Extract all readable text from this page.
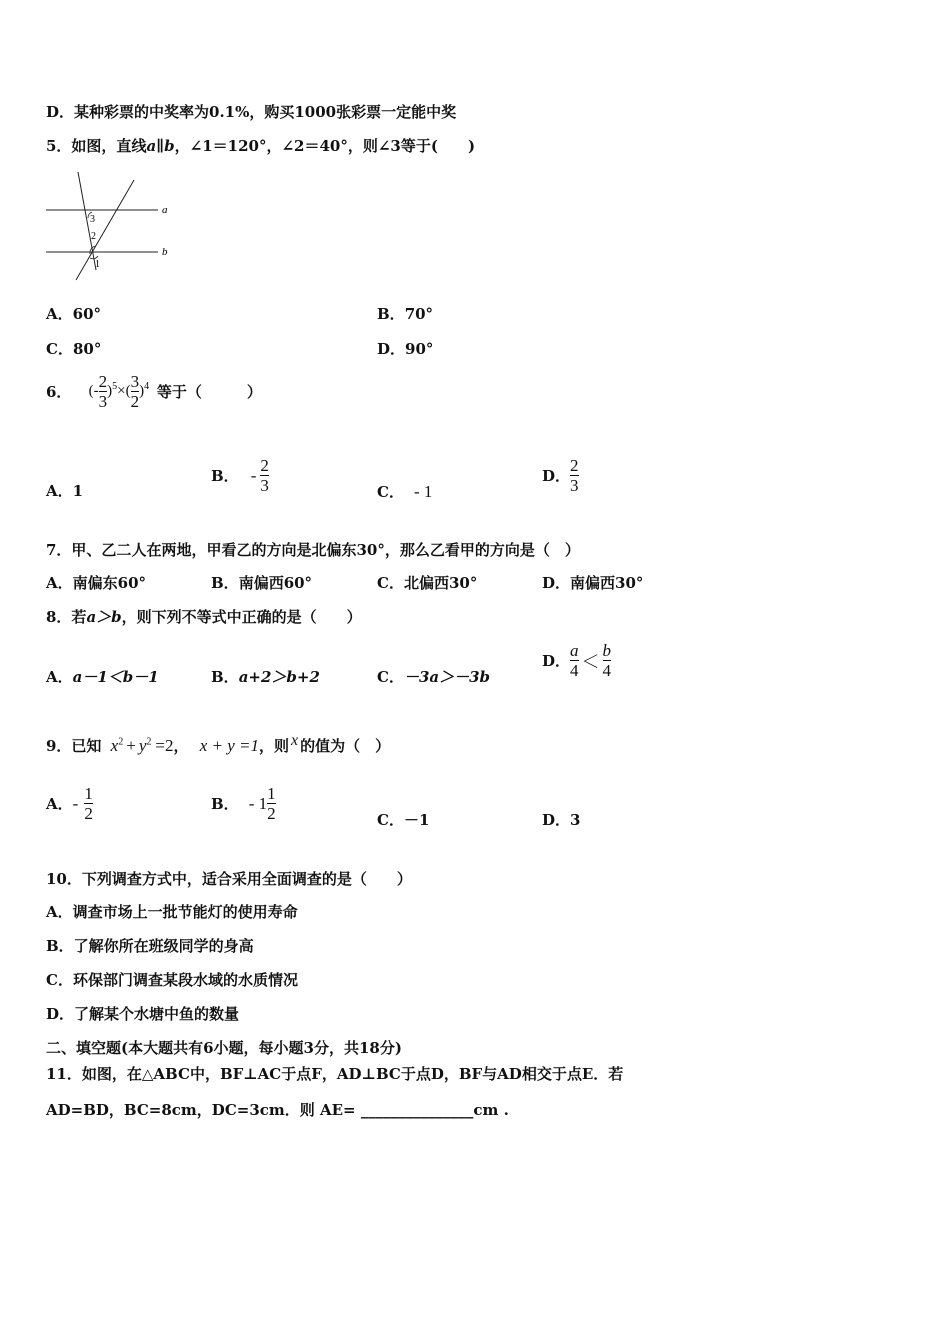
D．某种彩票的中奖率为0.1%，购买1000张彩票一定能中奖
5．如图，直线a∥b，∠1＝120°，∠2＝40°，则∠3等于(　　)
a
b
3
2
1
A．60°	B．70°
C．80°	D．90°
6． (- $\frac{2}{3} )^5\times( \frac{3}{2} )^4$ 等于（　　　）
A．1
B． - $\frac{2}{3}$	C． - 1
D． $\frac{2}{3}$
7．甲、乙二人在两地，甲看乙的方向是北偏东30°，那么乙看甲的方向是（　）
A．南偏东60°	B．南偏西60°	C．北偏西30°	D．南偏西30°
8．若a＞b，则下列不等式中正确的是（　　）
A．a－1＜b－1	B．a+2＞b+2	C．－3a＞－3b
D． $\frac{a}{4} < \frac{b}{4}$
9．已知 $x^2 + y^2 =2$， x + y =1，则 x 的值为（　）
A．- $\frac{1}{2}$	B． - $1 \frac{1}{2}$	C．－1	D．3
10．下列调查方式中，适合采用全面调查的是（　　）
A．调查市场上一批节能灯的使用寿命
B．了解你所在班级同学的身高
C．环保部门调查某段水域的水质情况
D．了解某个水塘中鱼的数量
二、填空题(本大题共有6小题，每小题3分，共18分)
11．如图，在△ABC中，BF⊥AC于点F，AD⊥BC于点D，BF与AD相交于点E．若
AD=BD，BC=8cm，DC=3cm．则 AE= _______________cm .
